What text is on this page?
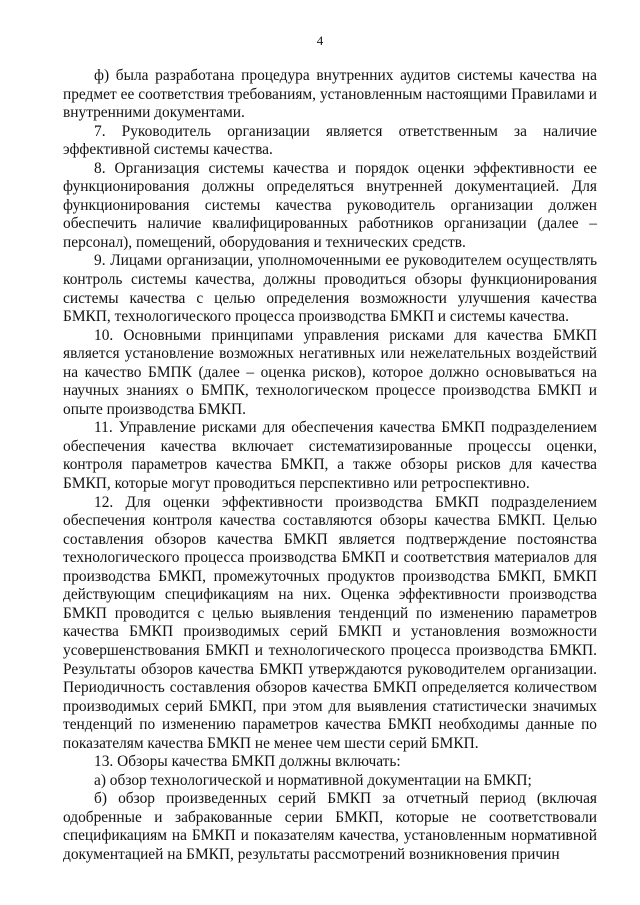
4

ф) была разработана процедура внутренних аудитов системы качества на предмет ее соответствия требованиям, установленным настоящими Правилами и внутренними документами.

7. Руководитель организации является ответственным за наличие эффективной системы качества.

8. Организация системы качества и порядок оценки эффективности ее функционирования должны определяться внутренней документацией. Для функционирования системы качества руководитель организации должен обеспечить наличие квалифицированных работников организации (далее – персонал), помещений, оборудования и технических средств.

9. Лицами организации, уполномоченными ее руководителем осуществлять контроль системы качества, должны проводиться обзоры функционирования системы качества с целью определения возможности улучшения качества БМКП, технологического процесса производства БМКП и системы качества.

10. Основными принципами управления рисками для качества БМКП является установление возможных негативных или нежелательных воздействий на качество БМПК (далее – оценка рисков), которое должно основываться на научных знаниях о БМПК, технологическом процессе производства БМКП и опыте производства БМКП.

11. Управление рисками для обеспечения качества БМКП подразделением обеспечения качества включает систематизированные процессы оценки, контроля параметров качества БМКП, а также обзоры рисков для качества БМКП, которые могут проводиться перспективно или ретроспективно.

12. Для оценки эффективности производства БМКП подразделением обеспечения контроля качества составляются обзоры качества БМКП. Целью составления обзоров качества БМКП является подтверждение постоянства технологического процесса производства БМКП и соответствия материалов для производства БМКП, промежуточных продуктов производства БМКП, БМКП действующим спецификациям на них. Оценка эффективности производства БМКП проводится с целью выявления тенденций по изменению параметров качества БМКП производимых серий БМКП и установления возможности усовершенствования БМКП и технологического процесса производства БМКП. Результаты обзоров качества БМКП утверждаются руководителем организации. Периодичность составления обзоров качества БМКП определяется количеством производимых серий БМКП, при этом для выявления статистически значимых тенденций по изменению параметров качества БМКП необходимы данные по показателям качества БМКП не менее чем шести серий БМКП.

13. Обзоры качества БМКП должны включать:

а) обзор технологической и нормативной документации на БМКП;

б) обзор произведенных серий БМКП за отчетный период (включая одобренные и забракованные серии БМКП, которые не соответствовали спецификациям на БМКП и показателям качества, установленным нормативной документацией на БМКП, результаты рассмотрений возникновения причин
